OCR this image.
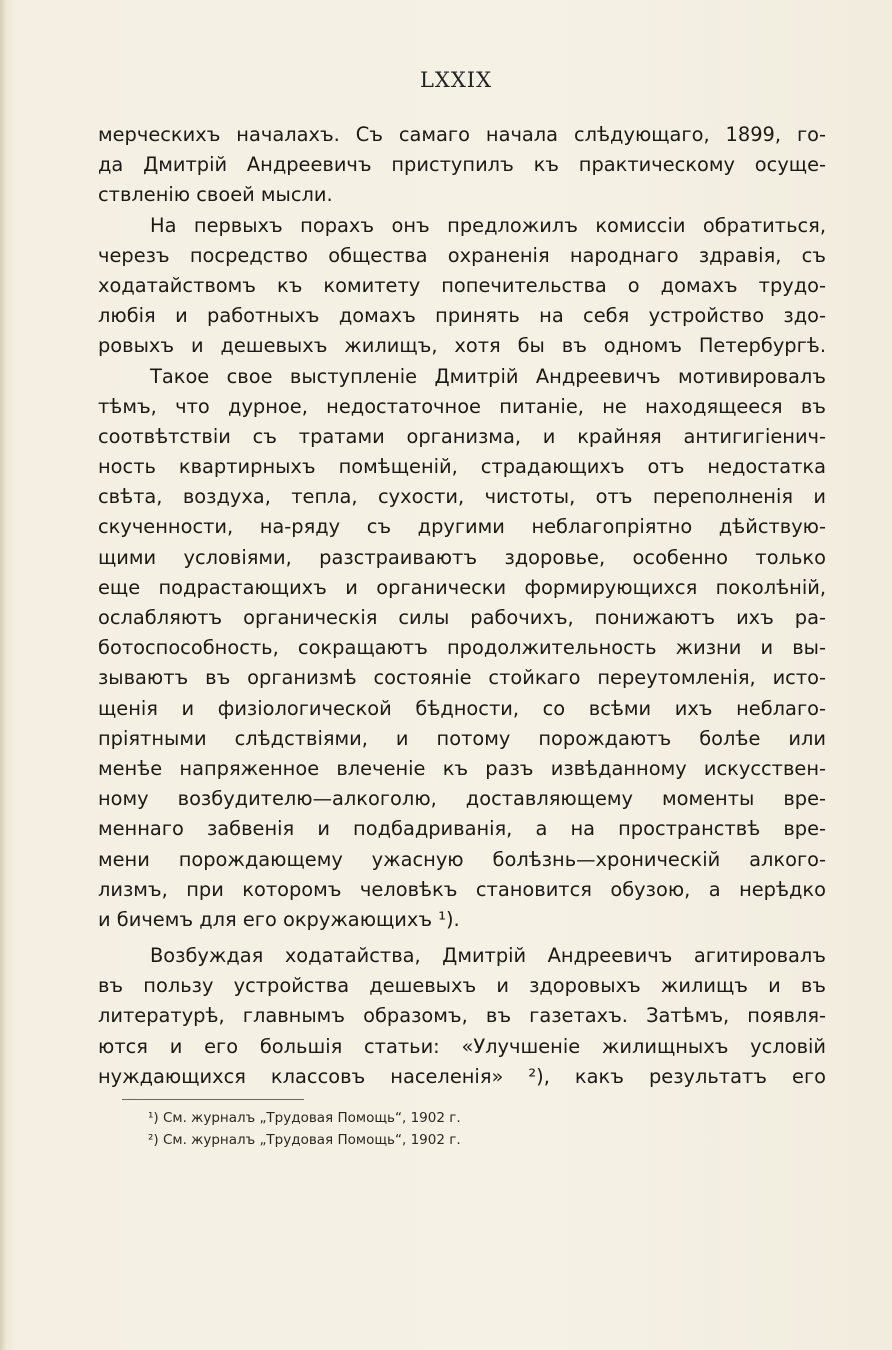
LXXIX
мерческихъ началахъ. Съ самаго начала слѣдующаго, 1899, го-
да Дмитрій Андреевичъ приступилъ къ практическому осуще-
ствленію своей мысли.
На первыхъ порахъ онъ предложилъ комиссіи обратиться,
черезъ посредство общества охраненія народнаго здравія, съ
ходатайствомъ къ комитету попечительства о домахъ трудо-
любія и работныхъ домахъ принять на себя устройство здо-
ровыхъ и дешевыхъ жилищъ, хотя бы въ одномъ Петербургѣ.
Такое свое выступленіе Дмитрій Андреевичъ мотивировалъ
тѣмъ, что дурное, недостаточное питаніе, не находящееся въ
соотвѣтствіи съ тратами организма, и крайняя антигигіенич-
ность квартирныхъ помѣщеній, страдающихъ отъ недостатка
свѣта, воздуха, тепла, сухости, чистоты, отъ переполненія и
скученности, на-ряду съ другими неблагопріятно дѣйствую-
щими условіями, разстраиваютъ здоровье, особенно только
еще подрастающихъ и органически формирующихся поколѣній,
ослабляютъ органическія силы рабочихъ, понижаютъ ихъ ра-
ботоспособность, сокращаютъ продолжительность жизни и вы-
зываютъ въ организмѣ состояніе стойкаго переутомленія, исто-
щенія и физіологической бѣдности, со всѣми ихъ неблаго-
пріятными слѣдствіями, и потому порождаютъ болѣе или
менѣе напряженное влеченіе къ разъ извѣданному искусствен-
ному возбудителю—алкоголю, доставляющему моменты вре-
меннаго забвенія и подбадриванія, а на пространствѣ вре-
мени порождающему ужасную болѣзнь—хроническій алкого-
лизмъ, при которомъ человѣкъ становится обузою, а нерѣдко
и бичемъ для его окружающихъ ¹).
Возбуждая ходатайства, Дмитрій Андреевичъ агитировалъ
въ пользу устройства дешевыхъ и здоровыхъ жилищъ и въ
литературѣ, главнымъ образомъ, въ газетахъ. Затѣмъ, появля-
ются и его большія статьи: «Улучшеніе жилищныхъ условій
нуждающихся классовъ населенія» ²), какъ результатъ его
¹) См. журналъ „Трудовая Помощь“, 1902 г.
²) См. журналъ „Трудовая Помощь“, 1902 г.
